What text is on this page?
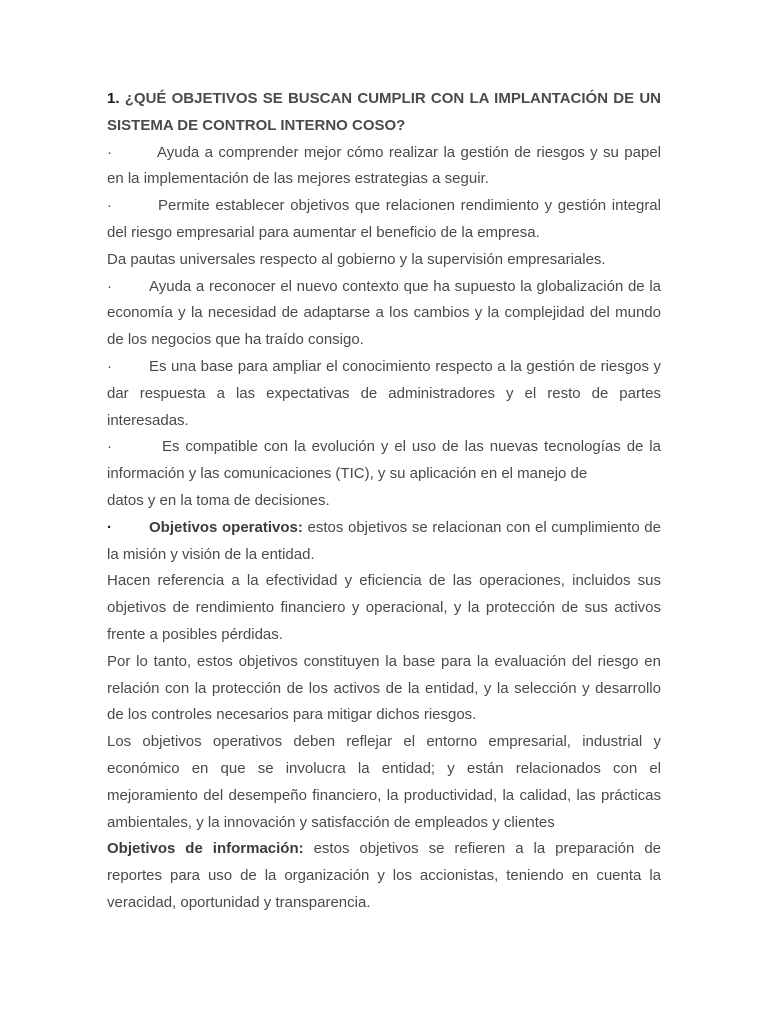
1. ¿QUÉ OBJETIVOS SE BUSCAN CUMPLIR CON LA IMPLANTACIÓN DE UN SISTEMA DE CONTROL INTERNO COSO?

·	Ayuda a comprender mejor cómo realizar la gestión de riesgos y su papel en la implementación de las mejores estrategias a seguir.

·	Permite establecer objetivos que relacionen rendimiento y gestión integral del riesgo empresarial para aumentar el beneficio de la empresa.

Da pautas universales respecto al gobierno y la supervisión empresariales.

· Ayuda a reconocer el nuevo contexto que ha supuesto la globalización de la economía y la necesidad de adaptarse a los cambios y la complejidad del mundo de los negocios que ha traído consigo.

· Es una base para ampliar el conocimiento respecto a la gestión de riesgos y dar respuesta a las expectativas de administradores y el resto de partes interesadas.

·	Es compatible con la evolución y el uso de las nuevas tecnologías de la información y las comunicaciones (TIC), y su aplicación en el manejo de
datos y en la toma de decisiones.

· Objetivos operativos: estos objetivos se relacionan con el cumplimiento de la misión y visión de la entidad.

Hacen referencia a la efectividad y eficiencia de las operaciones, incluidos sus objetivos de rendimiento financiero y operacional, y la protección de sus activos frente a posibles pérdidas.

Por lo tanto, estos objetivos constituyen la base para la evaluación del riesgo en relación con la protección de los activos de la entidad, y la selección y desarrollo de los controles necesarios para mitigar dichos riesgos.

Los objetivos operativos deben reflejar el entorno empresarial, industrial y económico en que se involucra la entidad; y están relacionados con el mejoramiento del desempeño financiero, la productividad, la calidad, las prácticas ambientales, y la innovación y satisfacción de empleados y clientes

Objetivos de información: estos objetivos se refieren a la preparación de reportes para uso de la organización y los accionistas, teniendo en cuenta la veracidad, oportunidad y transparencia.
